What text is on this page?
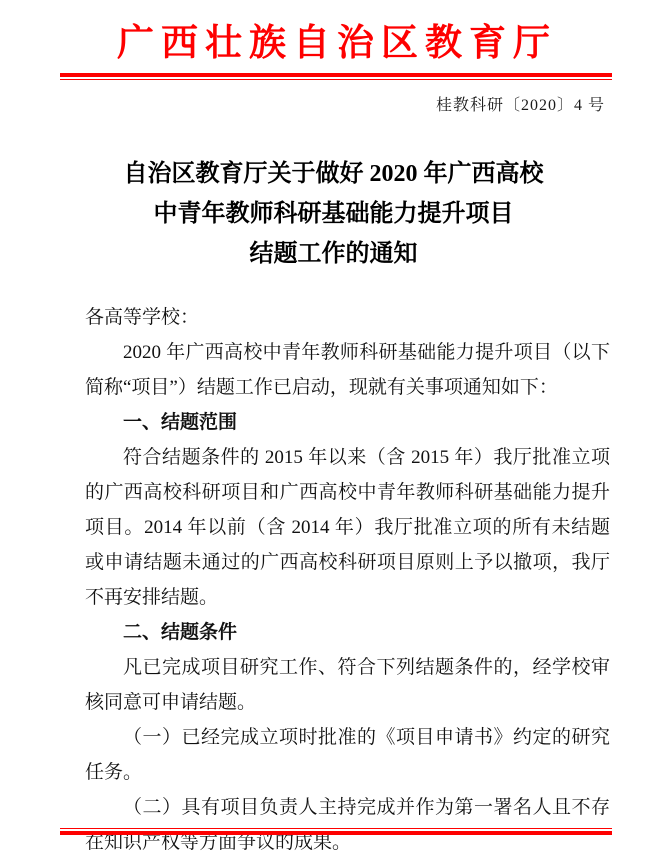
广西壮族自治区教育厅
桂教科研〔2020〕4 号
自治区教育厅关于做好 2020 年广西高校
中青年教师科研基础能力提升项目
结题工作的通知

各高等学校：

2020 年广西高校中青年教师科研基础能力提升项目（以下简称“项目”）结题工作已启动，现就有关事项通知如下：

一、结题范围

符合结题条件的 2015 年以来（含 2015 年）我厅批准立项的广西高校科研项目和广西高校中青年教师科研基础能力提升项目。2014 年以前（含 2014 年）我厅批准立项的所有未结题或申请结题未通过的广西高校科研项目原则上予以撤项，我厅不再安排结题。

二、结题条件

凡已完成项目研究工作、符合下列结题条件的，经学校审核同意可申请结题。

（一）已经完成立项时批准的《项目申请书》约定的研究任务。

（二）具有项目负责人主持完成并作为第一署名人且不存在知识产权等方面争议的成果。
